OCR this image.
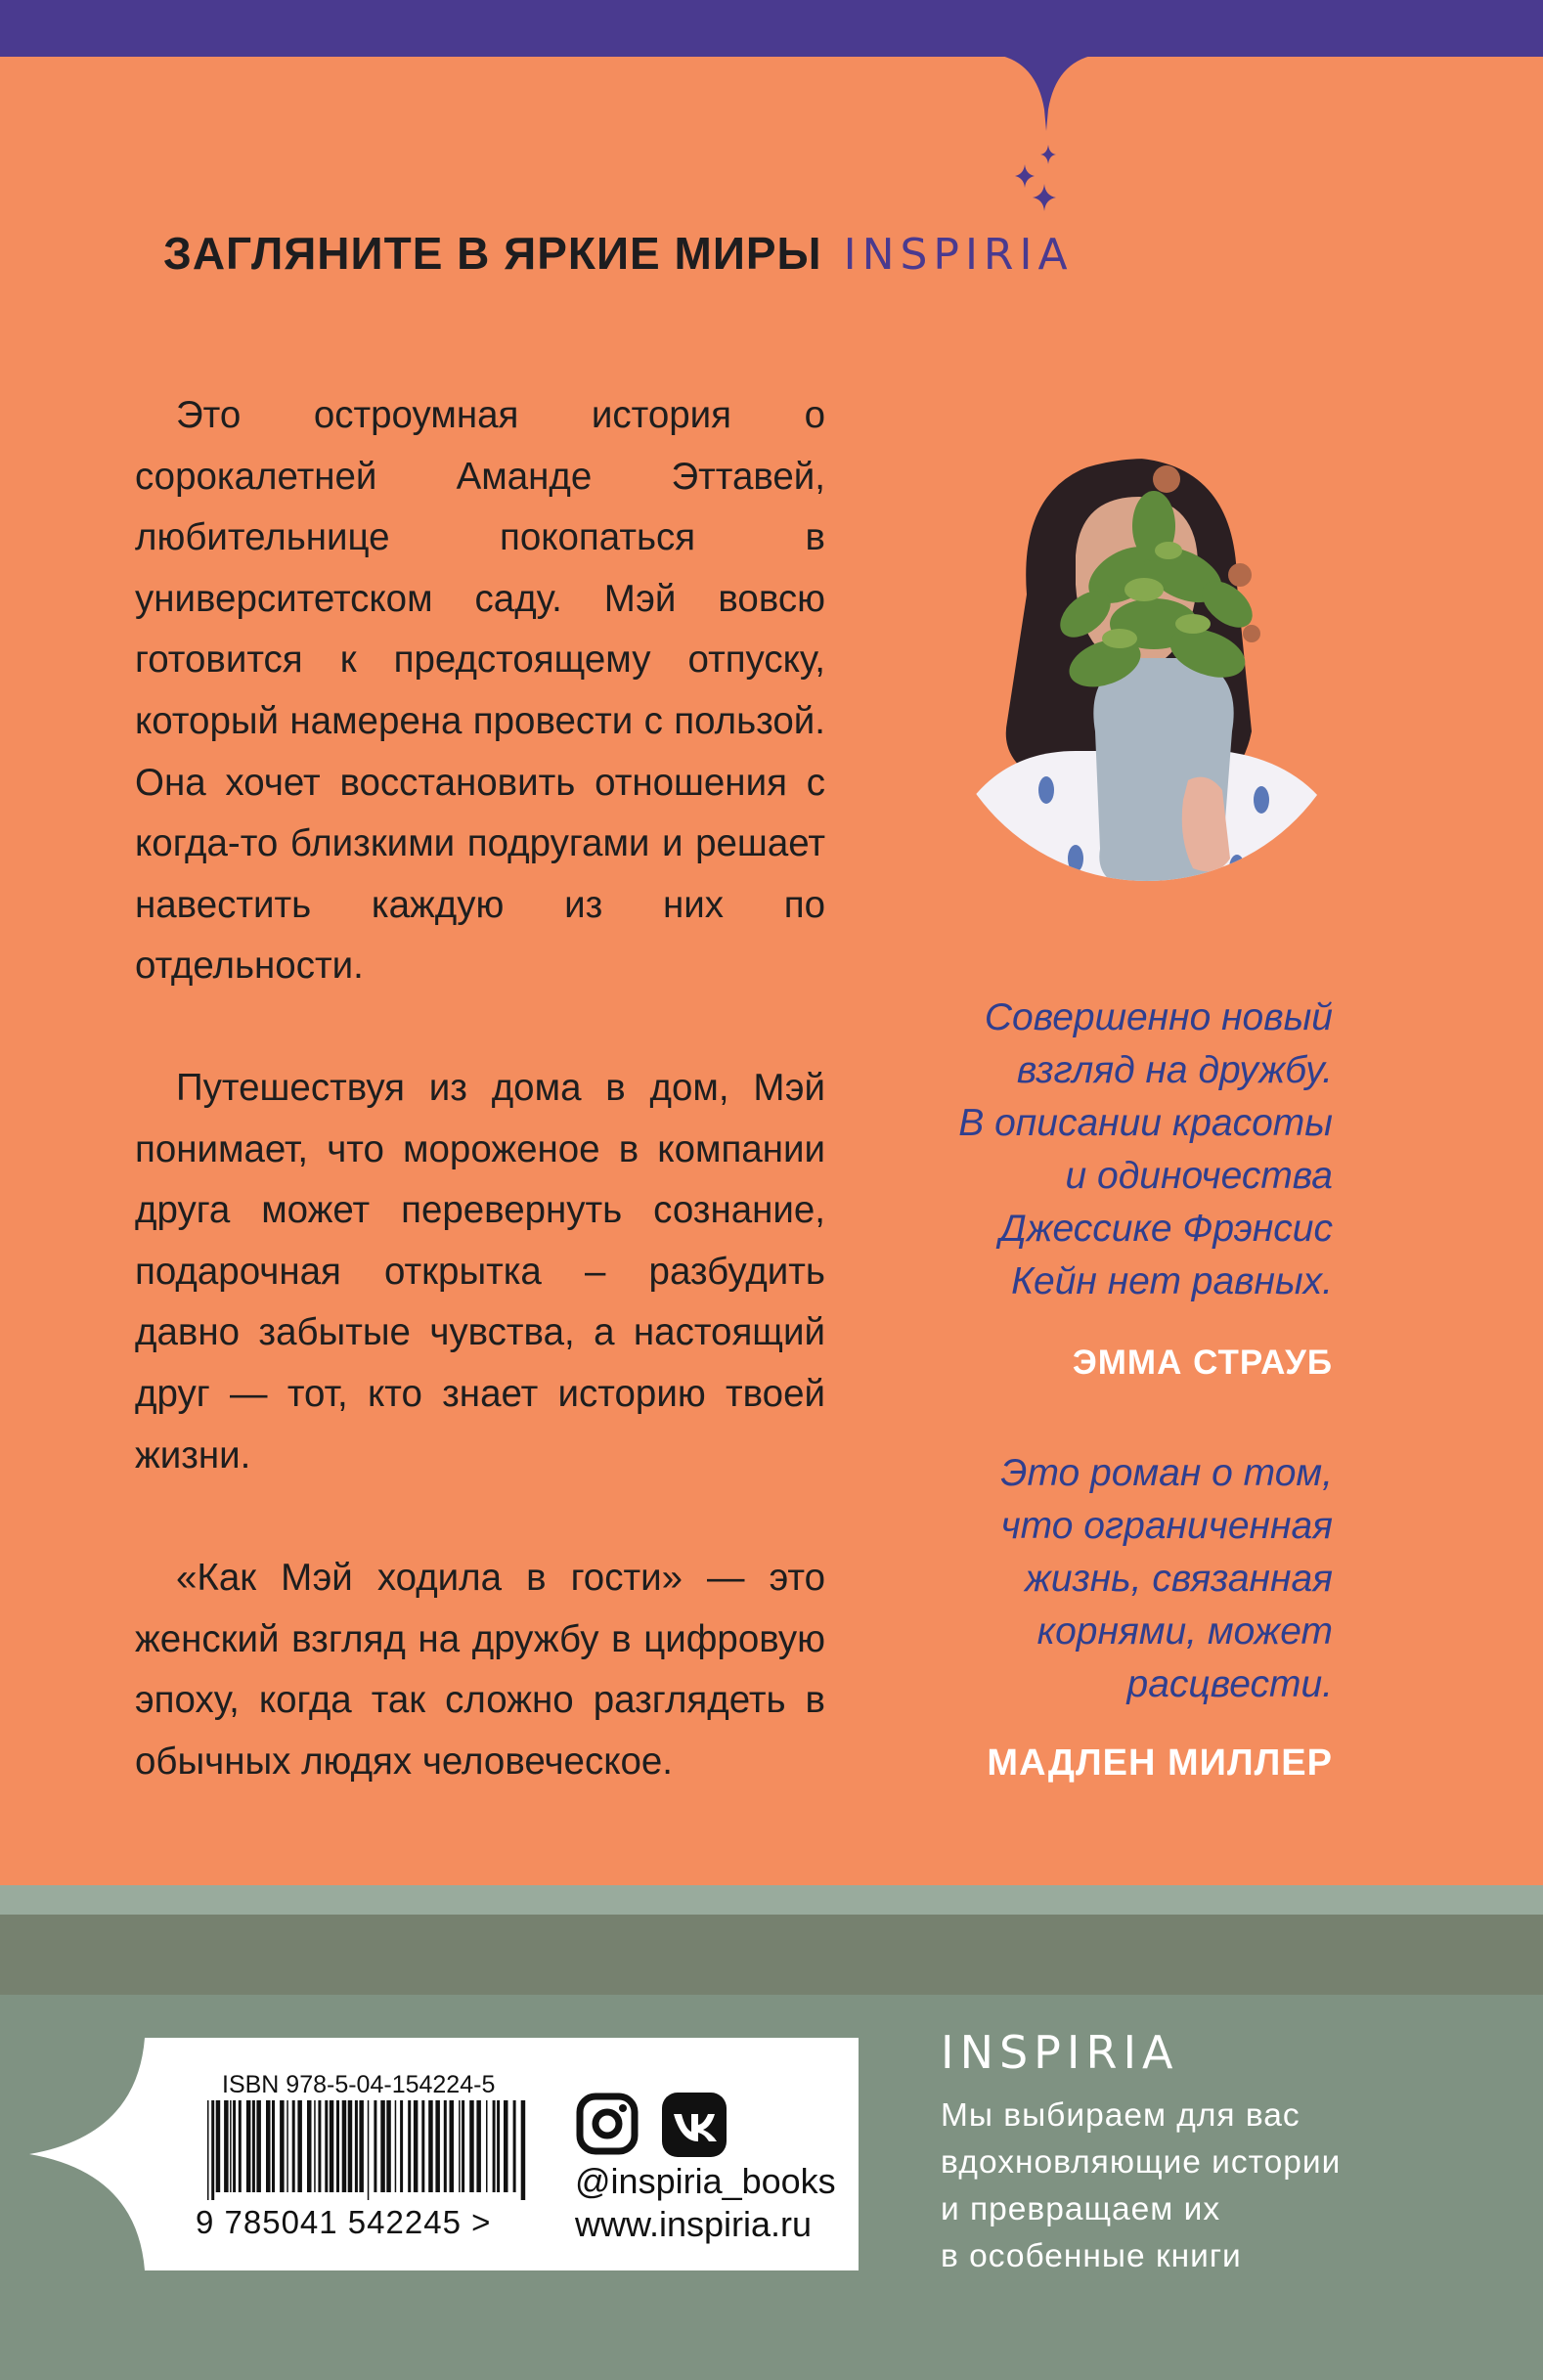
ЗАГЛЯНИТЕ В ЯРКИЕ МИРЫ INSPIRIA

Это остроумная история о сорокалетней Аманде Эттавей, любительнице покопаться в университетском саду. Мэй вовсю готовится к предстоящему отпуску, который намерена провести с пользой. Она хочет восстановить отношения с когда-то близкими подругами и решает навестить каждую из них по отдельности.

Путешествуя из дома в дом, Мэй понимает, что мороженое в компании друга может перевернуть сознание, подарочная открытка – разбудить давно забытые чувства, а настоящий друг — тот, кто знает историю твоей жизни.

«Как Мэй ходила в гости» — это женский взгляд на дружбу в цифровую эпоху, когда так сложно разглядеть в обычных людях человеческое.

Совершенно новый
взгляд на дружбу.
В описании красоты
и одиночества
Джессике Фрэнсис
Кейн нет равных.
ЭММА СТРАУБ
Это роман о том,
что ограниченная
жизнь, связанная
корнями, может
расцвести.
МАДЛЕН МИЛЛЕР
ISBN 978-5-04-154224-5
9 785041 542245 >
@inspiria_books
www.inspiria.ru
INSPIRIA
Мы выбираем для вас
вдохновляющие истории
и превращаем их
в особенные книги
